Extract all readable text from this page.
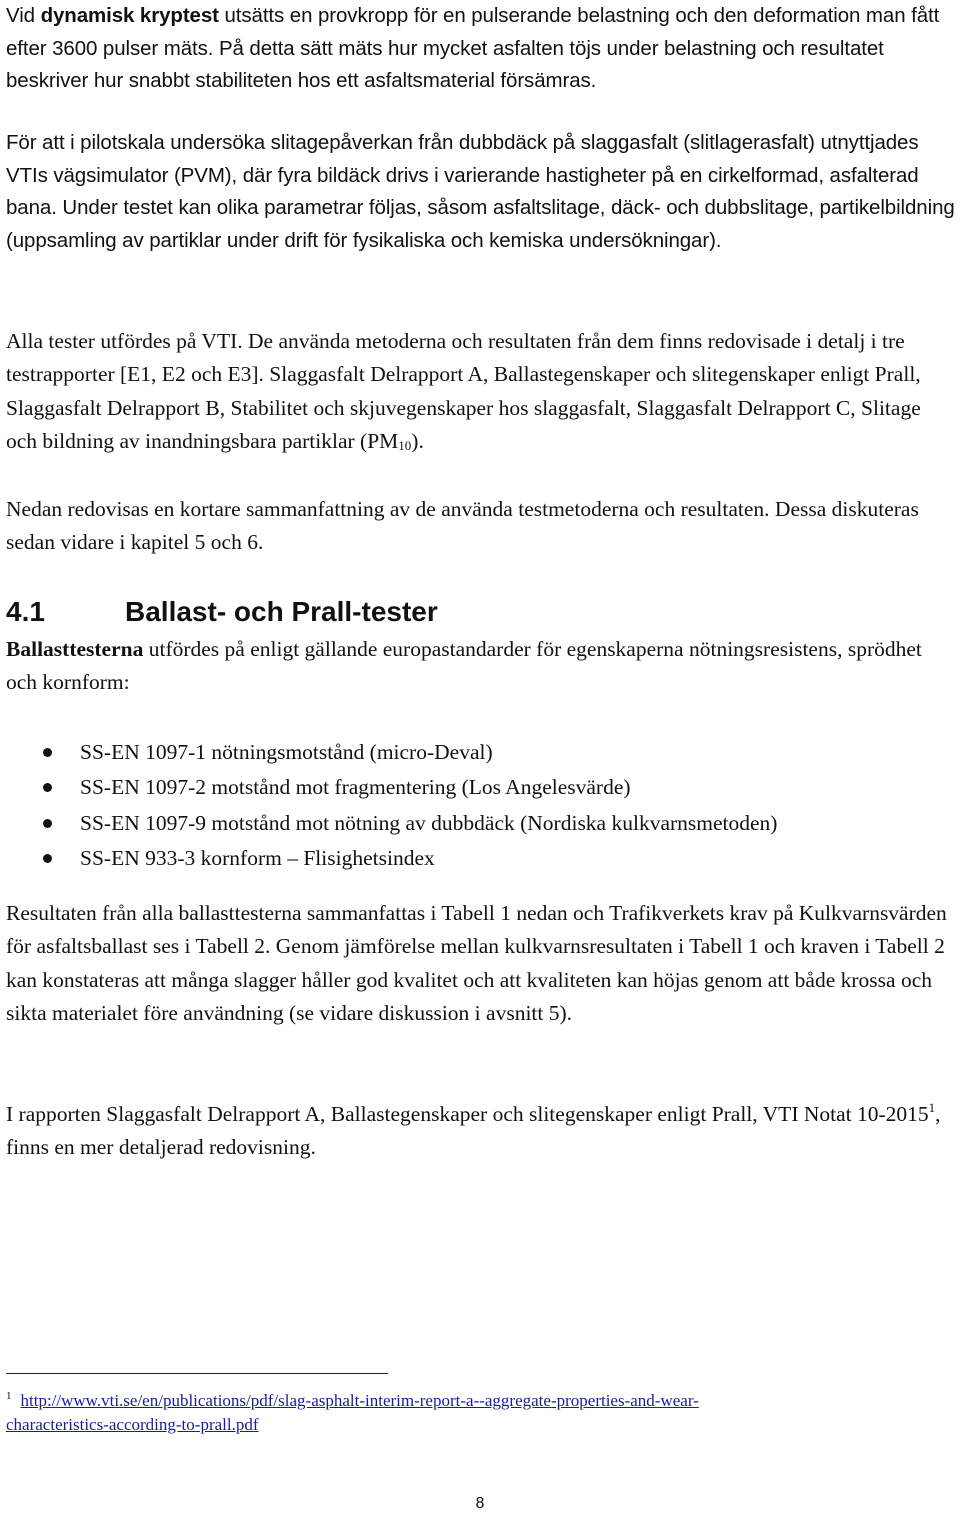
Vid dynamisk kryptest utsätts en provkropp för en pulserande belastning och den deformation man fått efter 3600 pulser mäts. På detta sätt mäts hur mycket asfalten töjs under belastning och resultatet beskriver hur snabbt stabiliteten hos ett asfaltsmaterial försämras.

För att i pilotskala undersöka slitagepåverkan från dubbdäck på slaggasfalt (slitlagerasfalt) utnyttjades VTIs vägsimulator (PVM), där fyra bildäck drivs i varierande hastigheter på en cirkelformad, asfalterad bana. Under testet kan olika parametrar följas, såsom asfaltslitage, däck- och dubbslitage, partikelbildning (uppsamling av partiklar under drift för fysikaliska och kemiska undersökningar).

Alla tester utfördes på VTI. De använda metoderna och resultaten från dem finns redovisade i detalj i tre testrapporter [E1, E2 och E3]. Slaggasfalt Delrapport A, Ballastegenskaper och slitegenskaper enligt Prall, Slaggasfalt Delrapport B, Stabilitet och skjuvegenskaper hos slaggasfalt, Slaggasfalt Delrapport C, Slitage och bildning av inandningsbara partiklar $(PM_{10})$.

Nedan redovisas en kortare sammanfattning av de använda testmetoderna och resultaten. Dessa diskuteras sedan vidare i kapitel 5 och 6.

4.1	Ballast- och Prall-tester

Ballasttesterna utfördes på enligt gällande europastandarder för egenskaperna nötningsresistens, sprödhet och kornform:

SS-EN 1097-1 nötningsmotstånd (micro-Deval)
SS-EN 1097-2 motstånd mot fragmentering (Los Angelesvärde)
SS-EN 1097-9 motstånd mot nötning av dubbdäck (Nordiska kulkvarnsmetoden)
SS-EN 933-3 kornform – Flisighetsindex

Resultaten från alla ballasttesterna sammanfattas i Tabell 1 nedan och Trafikverkets krav på Kulkvarnsvärden för asfaltsballast ses i Tabell 2. Genom jämförelse mellan kulkvarnsresultaten i Tabell 1 och kraven i Tabell 2 kan konstateras att många slagger håller god kvalitet och att kvaliteten kan höjas genom att både krossa och sikta materialet före användning (se vidare diskussion i avsnitt 5).

I rapporten Slaggasfalt Delrapport A, Ballastegenskaper och slitegenskaper enligt Prall, VTI Notat 10-2015$^1$, finns en mer detaljerad redovisning.

$^1$ http://www.vti.se/en/publications/pdf/slag-asphalt-interim-report-a--aggregate-properties-and-wear-
characteristics-according-to-prall.pdf

8
